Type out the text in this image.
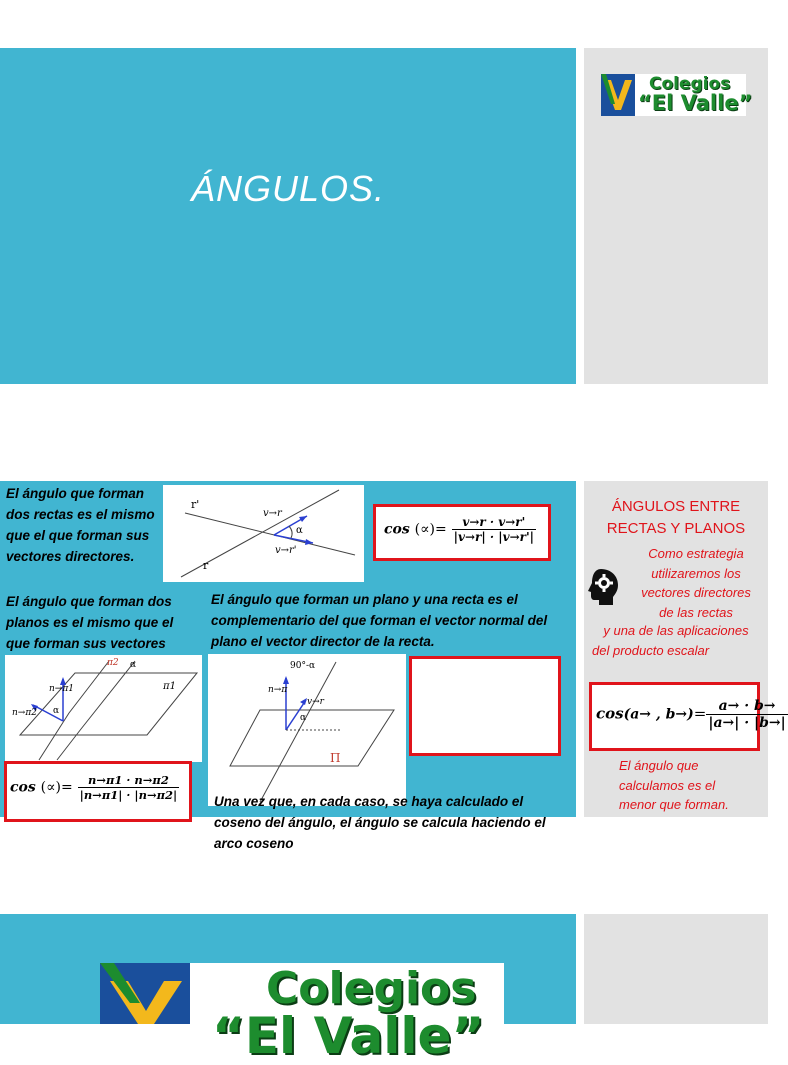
ÁNGULOS.
Colegios
“El Valle”
El ángulo que forman dos rectas es el mismo que el que forman sus vectores directores.
r'
r
v→r
v→r'
α	cos (∝)= $\frac{v\to r \cdot v\to r'}{|v\to r| \cdot |v\to r'|}$
El ángulo que forman dos planos es el mismo que el que forman sus vectores
El ángulo que forman un plano y una recta es el complementario del que forman el vector normal del plano el vector director de la recta.
π1
π2
n→π1
n→π2 α
α	90°-α
n→π
v→r
α
Π
cos (∝)= $\frac{n\to\pi 1 \cdot n\to\pi 2}{|n\to\pi 1| \cdot |n\to\pi 2|}$	Una vez que, en cada caso, se haya calculado el coseno del ángulo, el ángulo se calcula haciendo el arco coseno
ÁNGULOS ENTRE
RECTAS Y PLANOS
Como estrategia
utilizaremos los
vectores directores
de las rectas
y una de las aplicaciones
del producto escalar
cos(a→ , $b\to)= \frac{a\to \cdot b\to}{|a\to| \cdot |b\to|}$
El ángulo que
calculamos es el
menor que forman.
Colegios
“El Valle”
